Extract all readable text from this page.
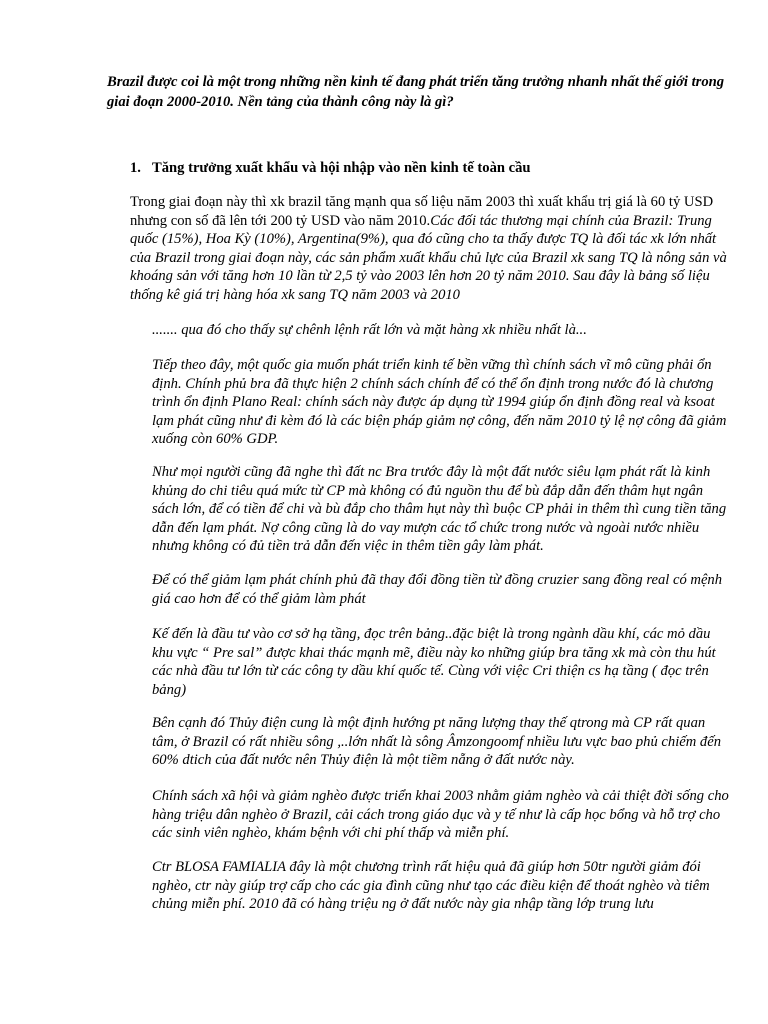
Brazil được coi là một trong những nền kinh tế đang phát triển tăng trưởng nhanh nhất thế giới trong giai đoạn 2000-2010. Nền tảng của thành công này là gì?

1. Tăng trưởng xuất khẩu và hội nhập vào nền kinh tế toàn cầu

Trong giai đoạn này thì xk brazil tăng mạnh qua số liệu năm 2003 thì xuất khẩu trị giá là 60 tỷ USD nhưng con số đã lên tới 200 tỷ USD vào năm 2010.Các đối tác thương mại chính của Brazil: Trung quốc (15%), Hoa Kỳ (10%), Argentina(9%), qua đó cũng cho ta thấy được TQ là đối tác xk lớn nhất của Brazil trong giai đoạn này, các sản phẩm xuất khẩu chủ lực của Brazil xk sang TQ là nông sản và khoáng sản với tăng hơn 10 lần từ 2,5 tỷ vào 2003 lên hơn 20 tỷ năm 2010. Sau đây là bảng số liệu thống kê giá trị hàng hóa xk sang TQ năm 2003 và 2010

....... qua đó cho thấy sự chênh lệnh rất lớn và mặt hàng xk nhiều nhất là...

Tiếp theo đây, một quốc gia muốn phát triển kinh tế bền vững thì chính sách vĩ mô cũng phải ổn định. Chính phủ bra đã thực hiện 2 chính sách chính để có thể ổn định trong nước đó là chương trình ổn định Plano Real: chính sách này được áp dụng từ 1994 giúp ổn định đồng real và ksoat lạm phát cũng như đi kèm đó là các biện pháp giảm nợ công, đến năm 2010 tỷ lệ nợ công đã giảm xuống còn 60% GDP.

Như mọi người cũng đã nghe thì đất nc Bra trước đây là một đất nước siêu lạm phát rất là kinh khủng do chi tiêu quá mức từ CP mà không có đủ nguồn thu để bù đắp dẫn đến thâm hụt ngân sách lớn, để có tiền để chi và bù đắp cho thâm hụt này thì buộc CP phải in thêm thì cung tiền tăng dẫn đến lạm phát. Nợ công cũng là do vay mượn các tổ chức trong nước và ngoài nước nhiều nhưng không có đủ tiền trả dẫn đến việc in thêm tiền gây làm phát.

Để có thể giảm lạm phát chính phủ đã thay đổi đồng tiền từ đồng cruzier sang đồng real có mệnh giá cao hơn để có thể giảm làm phát

Kế đến là đầu tư vào cơ sở hạ tầng, đọc trên bảng..đặc biệt là trong ngành dầu khí, các mỏ dầu khu vực “ Pre sal” được khai thác mạnh mẽ, điều này ko những giúp bra tăng xk mà còn thu hút các nhà đầu tư lớn từ các công ty dầu khí quốc tế. Cùng với việc Cri thiện cs hạ tầng ( đọc trên bảng)

Bên cạnh đó Thủy điện cung là một định hướng pt năng lượng thay thế qtrong mà CP rất quan tâm, ở Brazil có rất nhiều sông ,..lớn nhất là sông Âmzongoomf nhiều lưu vực bao phủ chiếm đến 60% dtich của đất nước nên Thủy điện là một tiềm nẵng ở đất nước này.

Chính sách xã hội và giảm nghèo được triển khai 2003 nhằm giảm nghèo và cải thiệt đời sống cho hàng triệu dân nghèo ở Brazil, cải cách trong giáo dục và y tế như là cấp học bổng và hỗ trợ cho các sinh viên nghèo, khám bệnh với chi phí thấp và miễn phí.

Ctr BLOSA FAMIALIA đây là một chương trình rất hiệu quả đã giúp hơn 50tr người giảm đói nghèo, ctr này giúp trợ cấp cho các gia đình cũng như tạo các điều kiện để thoát nghèo và tiêm chủng miễn phí. 2010 đã có hàng triệu ng ở đất nước này gia nhập tầng lớp trung lưu
